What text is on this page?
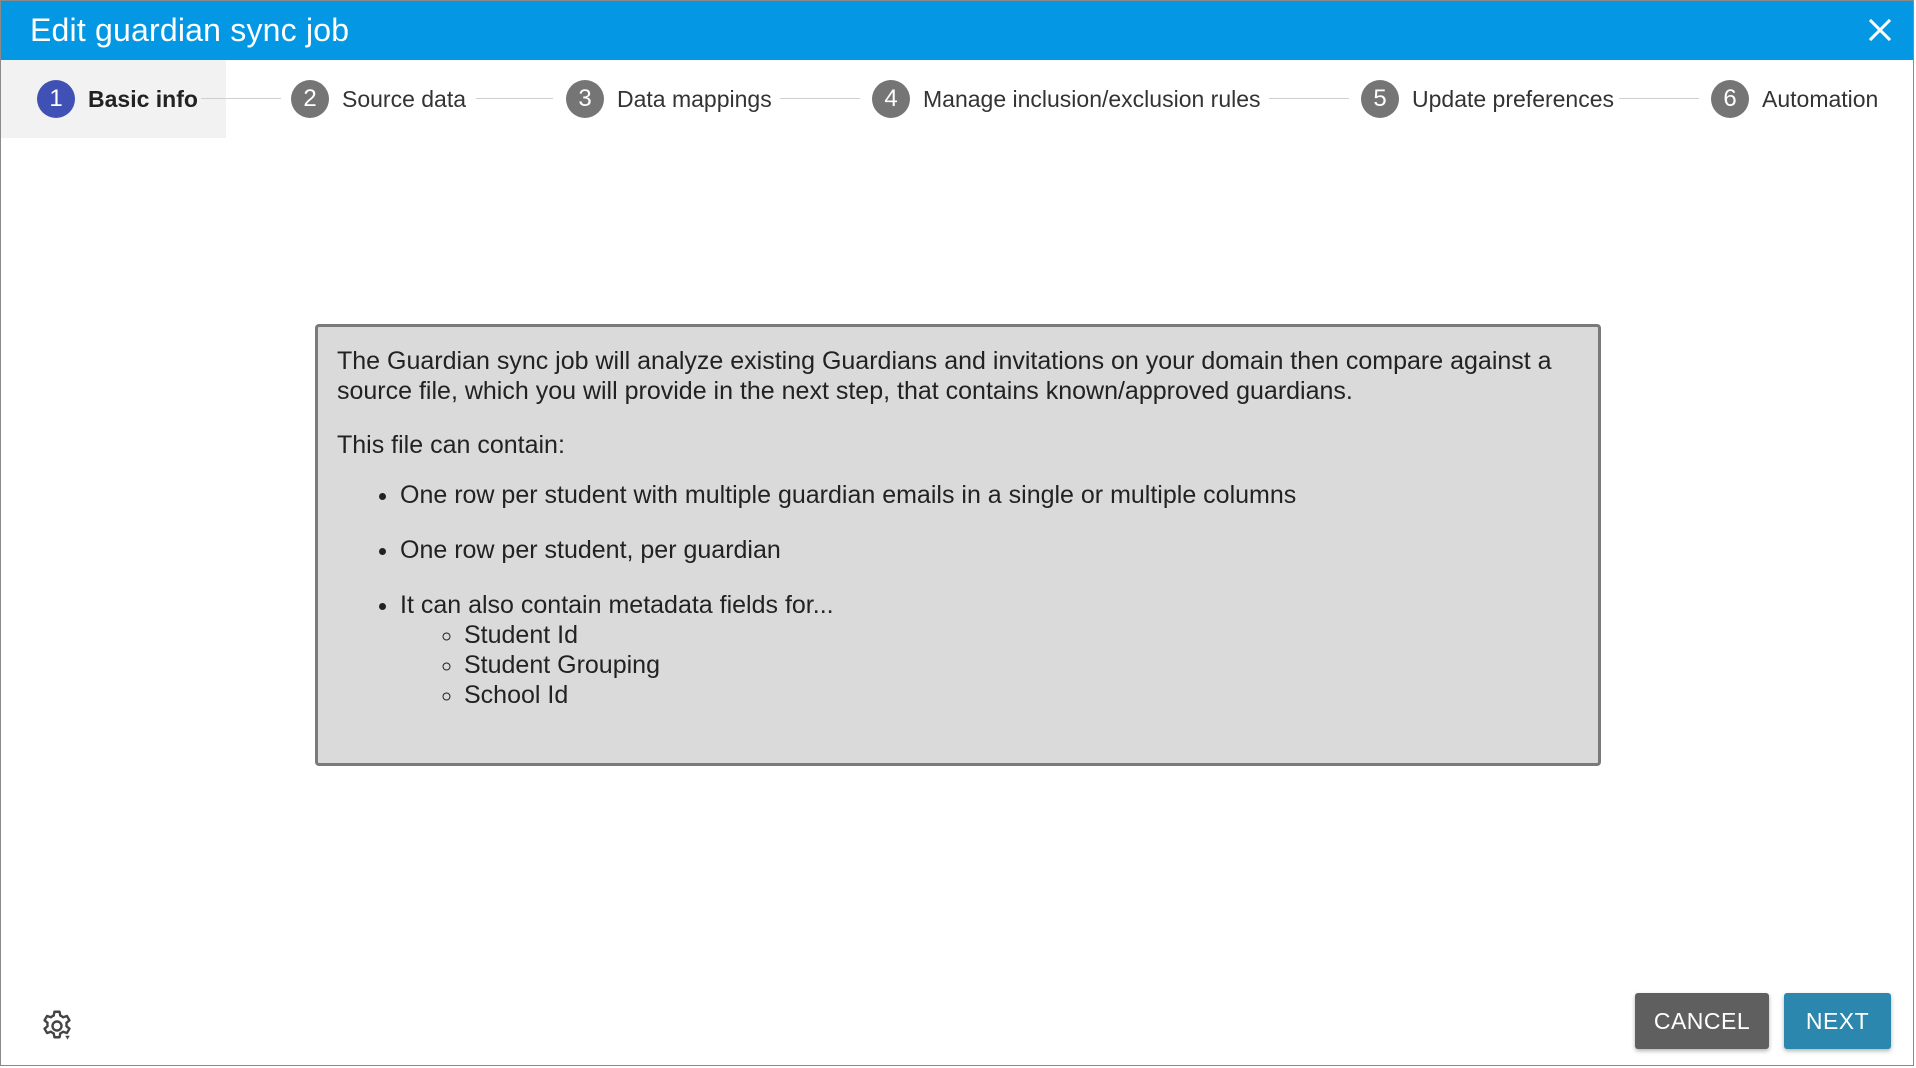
Edit guardian sync job
1	Basic info	2	Source data	3	Data mappings	4	Manage inclusion/exclusion rules	5	Update preferences	6	Automation

The Guardian sync job will analyze existing Guardians and invitations on your domain then compare against a source file, which you will provide in the next step, that contains known/approved guardians.

This file can contain:

• One row per student with multiple guardian emails in a single or multiple columns
• One row per student, per guardian
• It can also contain metadata fields for...
◦ Student Id
◦ Student Grouping
◦ School Id
CANCEL	NEXT
